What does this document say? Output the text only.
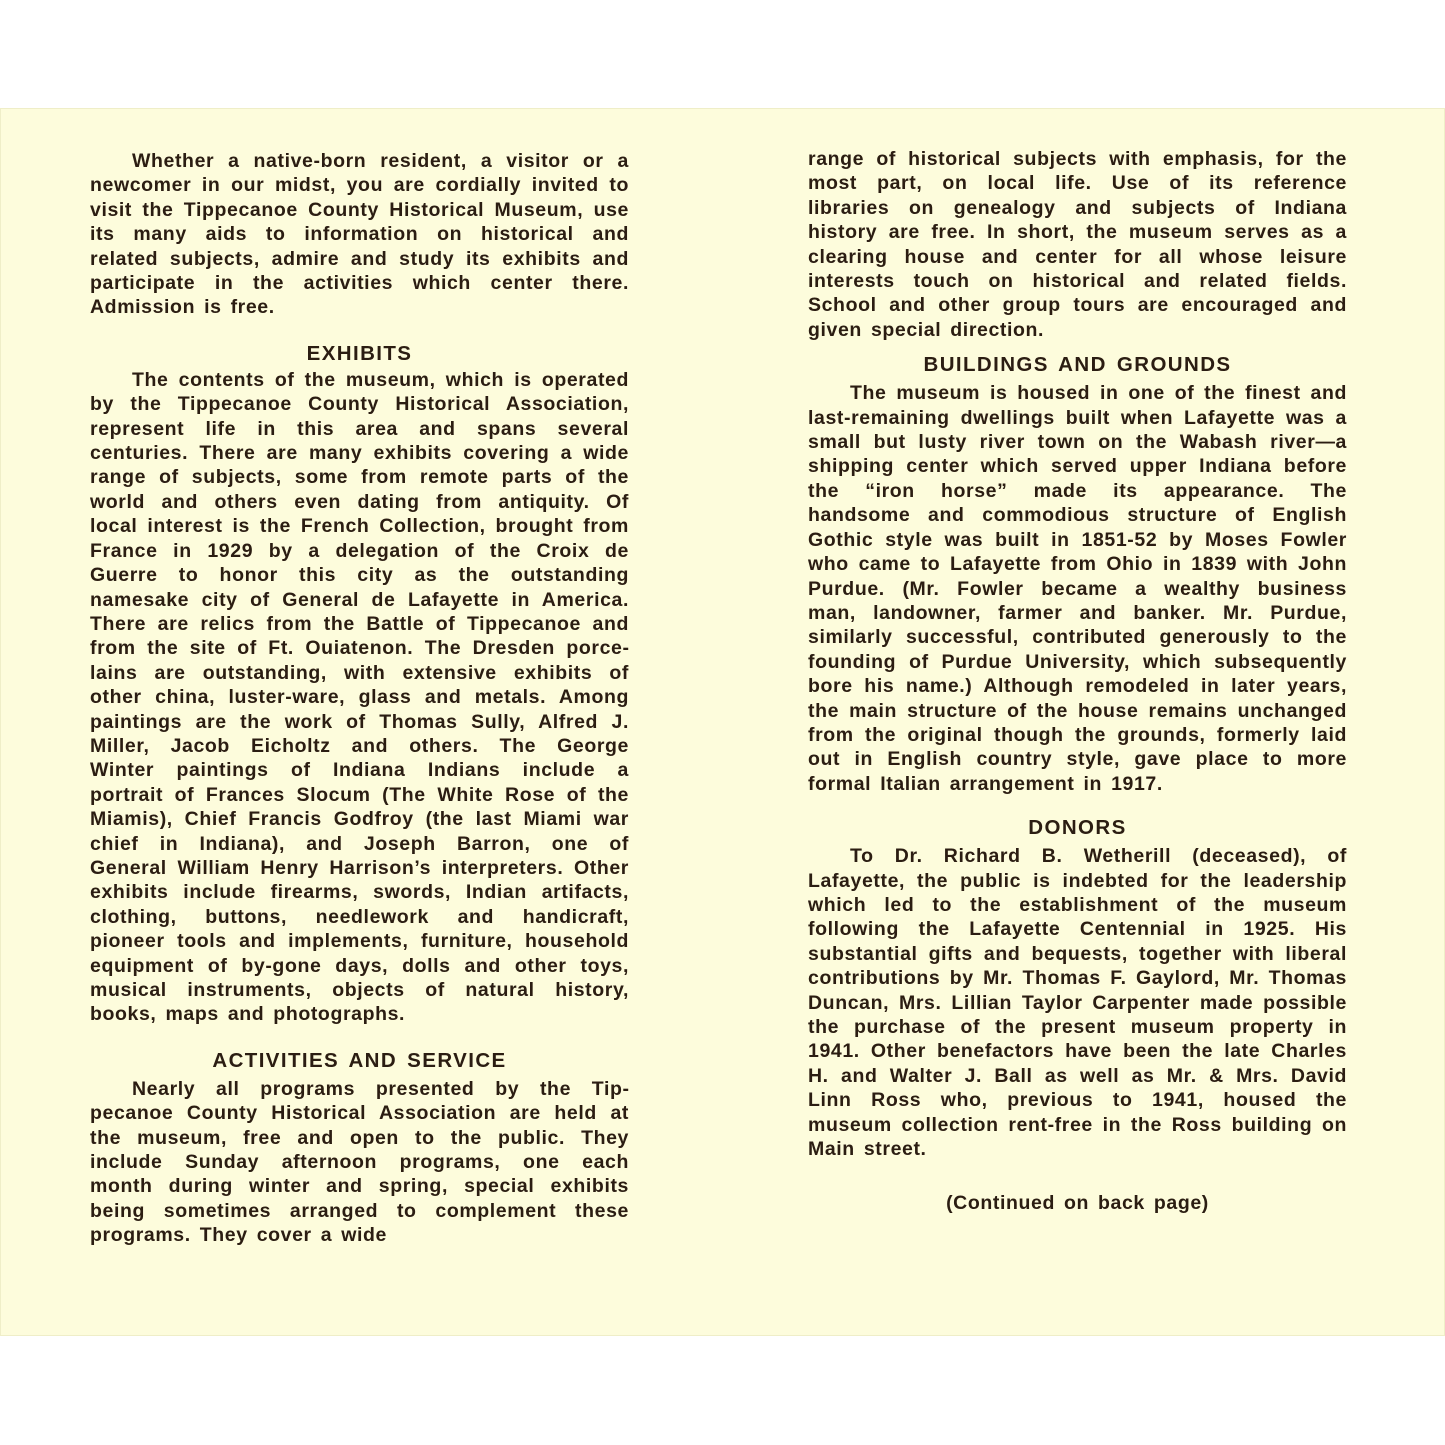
Whether a native-born resident, a visitor or a newcomer in our midst, you are cordially invited to visit the Tippecanoe County Historical Museum, use its many aids to information on historical and related subjects, admire and study its exhibits and participate in the activities which center there. Admission is free.

EXHIBITS

The contents of the museum, which is operated by the Tippecanoe County Historical Association, represent life in this area and spans several centuries. There are many exhibits covering a wide range of subjects, some from remote parts of the world and others even dating from antiquity. Of local interest is the French Collection, brought from France in 1929 by a delegation of the Croix de Guerre to honor this city as the outstanding namesake city of General de Lafayette in America. There are relics from the Battle of Tippecanoe and from the site of Ft. Ouiatenon. The Dresden porcelains are outstanding, with extensive exhibits of other china, luster-ware, glass and metals. Among paintings are the work of Thomas Sully, Alfred J. Miller, Jacob Eicholtz and others. The George Winter paintings of Indiana Indians include a portrait of Frances Slocum (The White Rose of the Miamis), Chief Francis Godfroy (the last Miami war chief in Indiana), and Joseph Barron, one of General William Henry Harrison’s interpreters. Other exhibits include firearms, swords, Indian artifacts, clothing, buttons, needlework and handicraft, pioneer tools and implements, furniture, household equipment of by-gone days, dolls and other toys, musical instruments, objects of natural history, books, maps and photographs.

ACTIVITIES AND SERVICE

Nearly all programs presented by the Tippecanoe County Historical Association are held at the museum, free and open to the public. They include Sunday afternoon programs, one each month during winter and spring, special exhibits being sometimes arranged to complement these programs. They cover a wide

range of historical subjects with emphasis, for the most part, on local life. Use of its reference libraries on genealogy and subjects of Indiana history are free. In short, the museum serves as a clearing house and center for all whose leisure interests touch on historical and related fields. School and other group tours are encouraged and given special direction.

BUILDINGS AND GROUNDS

The museum is housed in one of the finest and last-remaining dwellings built when Lafayette was a small but lusty river town on the Wabash river—a shipping center which served upper Indiana before the “iron horse” made its appearance. The handsome and commodious structure of English Gothic style was built in 1851-52 by Moses Fowler who came to Lafayette from Ohio in 1839 with John Purdue. (Mr. Fowler became a wealthy business man, landowner, farmer and banker. Mr. Purdue, similarly successful, contributed generously to the founding of Purdue University, which subsequently bore his name.) Although remodeled in later years, the main structure of the house remains unchanged from the original though the grounds, formerly laid out in English country style, gave place to more formal Italian arrangement in 1917.

DONORS

To Dr. Richard B. Wetherill (deceased), of Lafayette, the public is indebted for the leadership which led to the establishment of the museum following the Lafayette Centennial in 1925. His substantial gifts and bequests, together with liberal contributions by Mr. Thomas F. Gaylord, Mr. Thomas Duncan, Mrs. Lillian Taylor Carpenter made possible the purchase of the present museum property in 1941. Other benefactors have been the late Charles H. and Walter J. Ball as well as Mr. & Mrs. David Linn Ross who, previous to 1941, housed the museum collection rent-free in the Ross building on Main street.

(Continued on back page)
